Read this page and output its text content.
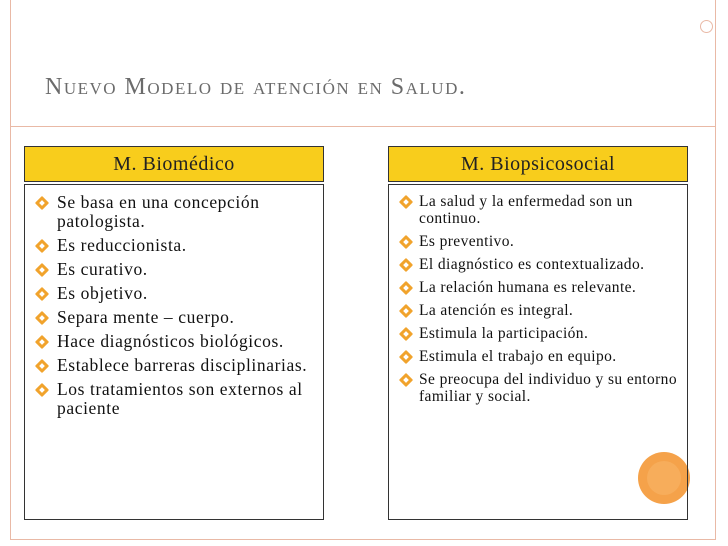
Nuevo Modelo de atención en Salud.
M. Biomédico	M. Biopsicosocial
Se basa en una concepción patologista.
Es reduccionista.
Es curativo.
Es objetivo.
Separa mente – cuerpo.
Hace diagnósticos biológicos.
Establece barreras disciplinarias.
Los tratamientos son externos al paciente
La salud y la enfermedad son un continuo.
Es preventivo.
El diagnóstico es contextualizado.
La relación humana es relevante.
La atención es integral.
Estimula la participación.
Estimula el trabajo en equipo.
Se preocupa del individuo y su entorno familiar y social.
